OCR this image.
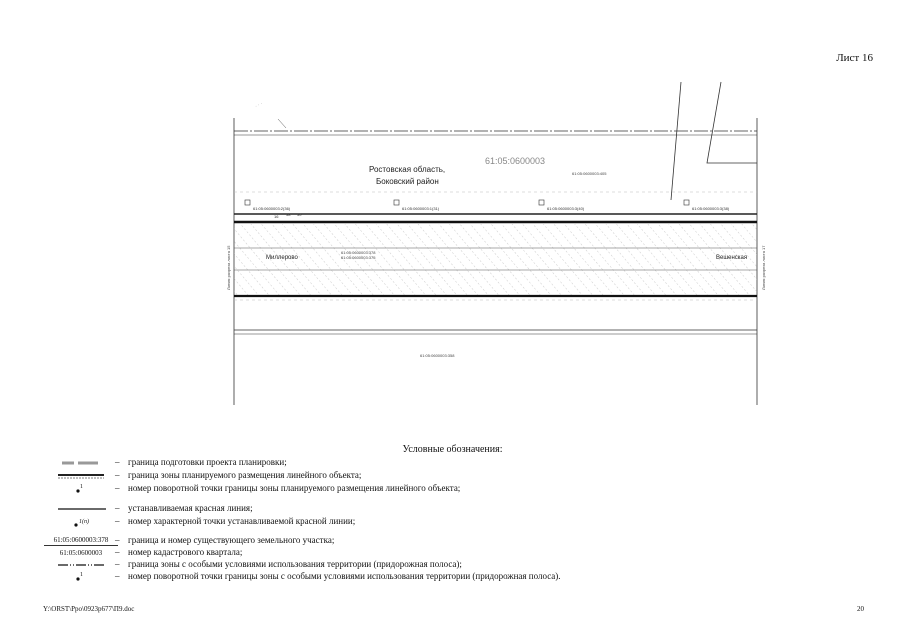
Лист 16
· · ·
61:05:0600003
61:05:0600003:405
Ростовская область,
Боковский район
61:05:0600003:2(36)	61:05:0600003:1(31)	61:05:0600003:3(40)	61:05:0600003:3(38)
16 38 30
Миллерово	Вешенская
61:05:0600003:378
61:05:0600003:375
61:05:0600003:358
Линия разреза листа 15	Линия разреза листа 17
Условные обозначения:
– граница подготовки проекта планировки;
– граница зоны планируемого размещения линейного объекта;
1	– номер поворотной точки границы зоны планируемого размещения линейного объекта;
– устанавливаемая красная линия;
1(n)	– номер характерной точки устанавливаемой красной линии;
61:05:0600003:378 – граница и номер существующего земельного участка;
61:05:0600003	– номер кадастрового квартала;
– граница зоны с особыми условиями использования территории (придорожная полоса);
1	– номер поворотной точки границы зоны с особыми условиями использования территории (придорожная полоса).
Y:\ORST\Ppo\0923p677\П9.doc	20
